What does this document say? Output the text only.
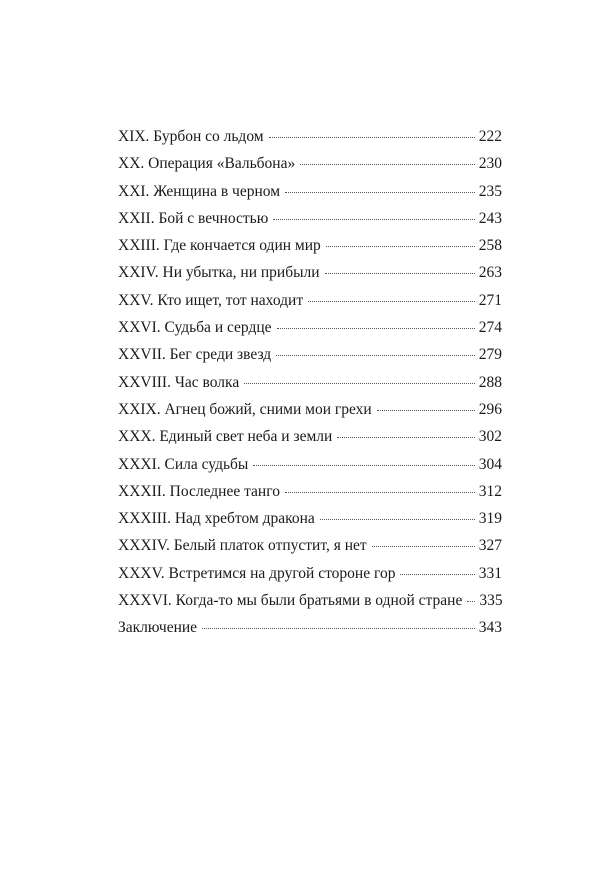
XIX. Бурбон со льдом	222
XX. Операция «Вальбона»	230
XXI. Женщина в черном	235
XXII. Бой с вечностью	243
XXIII. Где кончается один мир	258
XXIV. Ни убытка, ни прибыли	263
XXV. Кто ищет, тот находит	271
XXVI. Судьба и сердце	274
XXVII. Бег среди звезд	279
XXVIII. Час волка	288
XXIX. Агнец божий, сними мои грехи	296
XXX. Единый свет неба и земли	302
XXXI. Сила судьбы	304
XXXII. Последнее танго	312
XXXIII. Над хребтом дракона	319
XXXIV. Белый платок отпустит, я нет	327
XXXV. Встретимся на другой стороне гор	331
XXXVI. Когда-то мы были братьями в одной стране 335
Заключение	343
